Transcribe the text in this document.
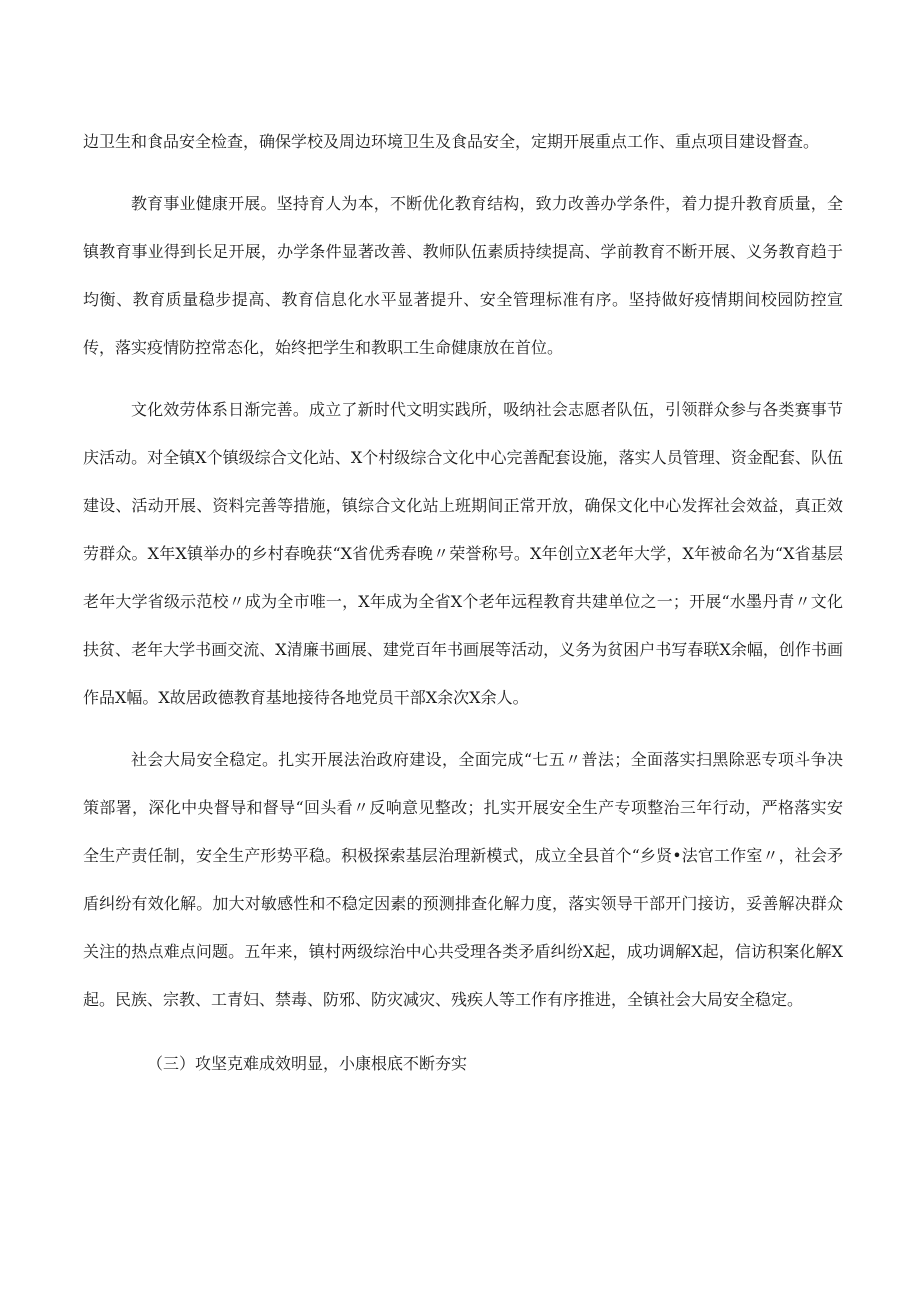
边卫生和食品安全检查，确保学校及周边环境卫生及食品安全，定期开展重点工作、重点项目建设督查。

教育事业健康开展。坚持育人为本，不断优化教育结构，致力改善办学条件，着力提升教育质量，全镇教育事业得到长足开展，办学条件显著改善、教师队伍素质持续提高、学前教育不断开展、义务教育趋于均衡、教育质量稳步提高、教育信息化水平显著提升、安全管理标准有序。坚持做好疫情期间校园防控宣传，落实疫情防控常态化，始终把学生和教职工生命健康放在首位。

文化效劳体系日渐完善。成立了新时代文明实践所，吸纳社会志愿者队伍，引领群众参与各类赛事节庆活动。对全镇X个镇级综合文化站、X个村级综合文化中心完善配套设施，落实人员管理、资金配套、队伍建设、活动开展、资料完善等措施，镇综合文化站上班期间正常开放，确保文化中心发挥社会效益，真正效劳群众。X年X镇举办的乡村春晚获“X省优秀春晚〃荣誉称号。X年创立X老年大学，X年被命名为“X省基层老年大学省级示范校〃成为全市唯一，X年成为全省X个老年远程教育共建单位之一；开展“水墨丹青〃文化扶贫、老年大学书画交流、X清廉书画展、建党百年书画展等活动，义务为贫困户书写春联X余幅，创作书画作品X幅。X故居政德教育基地接待各地党员干部X余次X余人。

社会大局安全稳定。扎实开展法治政府建设，全面完成“七五〃普法；全面落实扫黑除恶专项斗争决策部署，深化中央督导和督导“回头看〃反响意见整改；扎实开展安全生产专项整治三年行动，严格落实安全生产责任制，安全生产形势平稳。积极探索基层治理新模式，成立全县首个“乡贤•法官工作室〃，社会矛盾纠纷有效化解。加大对敏感性和不稳定因素的预测排查化解力度，落实领导干部开门接访，妥善解决群众关注的热点难点问题。五年来，镇村两级综治中心共受理各类矛盾纠纷X起，成功调解X起，信访积案化解X起。民族、宗教、工青妇、禁毒、防邪、防灾减灾、残疾人等工作有序推进，全镇社会大局安全稳定。

（三）攻坚克难成效明显，小康根底不断夯实
